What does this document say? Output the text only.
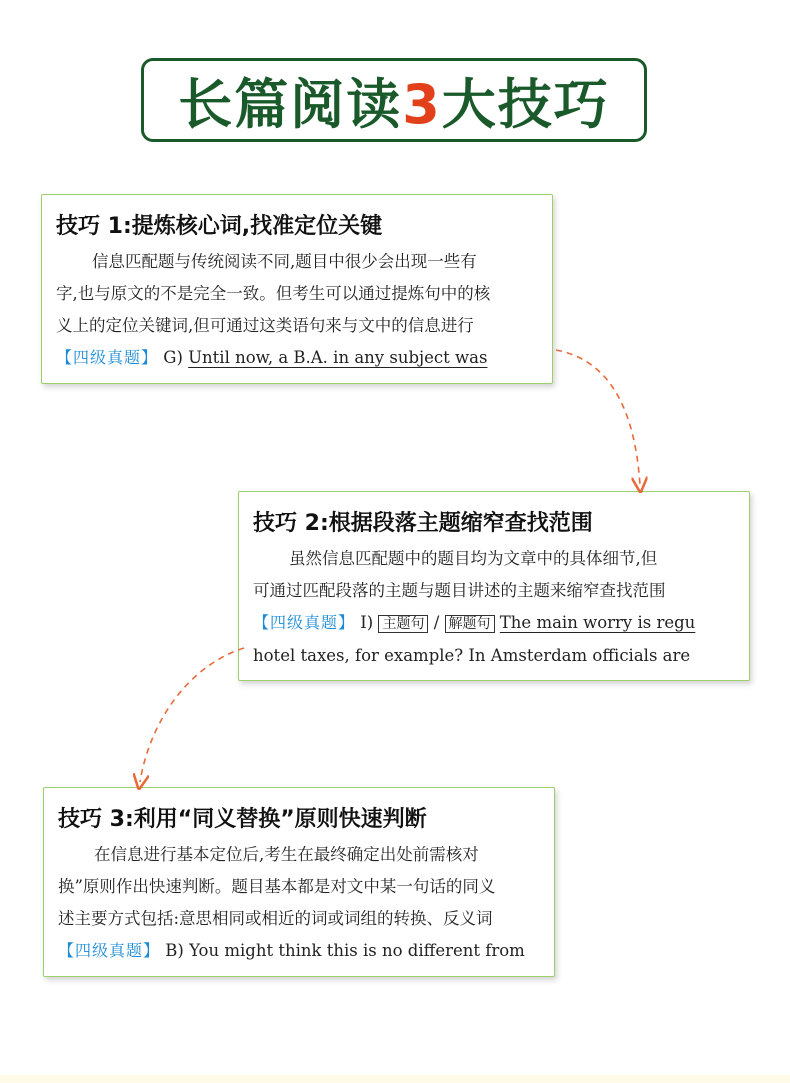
长篇阅读3大技巧
技巧 1:提炼核心词,找准定位关键
信息匹配题与传统阅读不同,题目中很少会出现一些有
字,也与原文的不是完全一致。但考生可以通过提炼句中的核
义上的定位关键词,但可通过这类语句来与文中的信息进行
【四级真题】 G) Until now, a B.A. in any subject was
技巧 2:根据段落主题缩窄查找范围
虽然信息匹配题中的题目均为文章中的具体细节,但
可通过匹配段落的主题与题目讲述的主题来缩窄查找范围
【四级真题】 I) 主题句 / 解题句 The main worry is regu
hotel taxes, for example? In Amsterdam officials are
技巧 3:利用“同义替换”原则快速判断
在信息进行基本定位后,考生在最终确定出处前需核对
换”原则作出快速判断。题目基本都是对文中某一句话的同义
述主要方式包括:意思相同或相近的词或词组的转换、反义词
【四级真题】 B) You might think this is no different from
